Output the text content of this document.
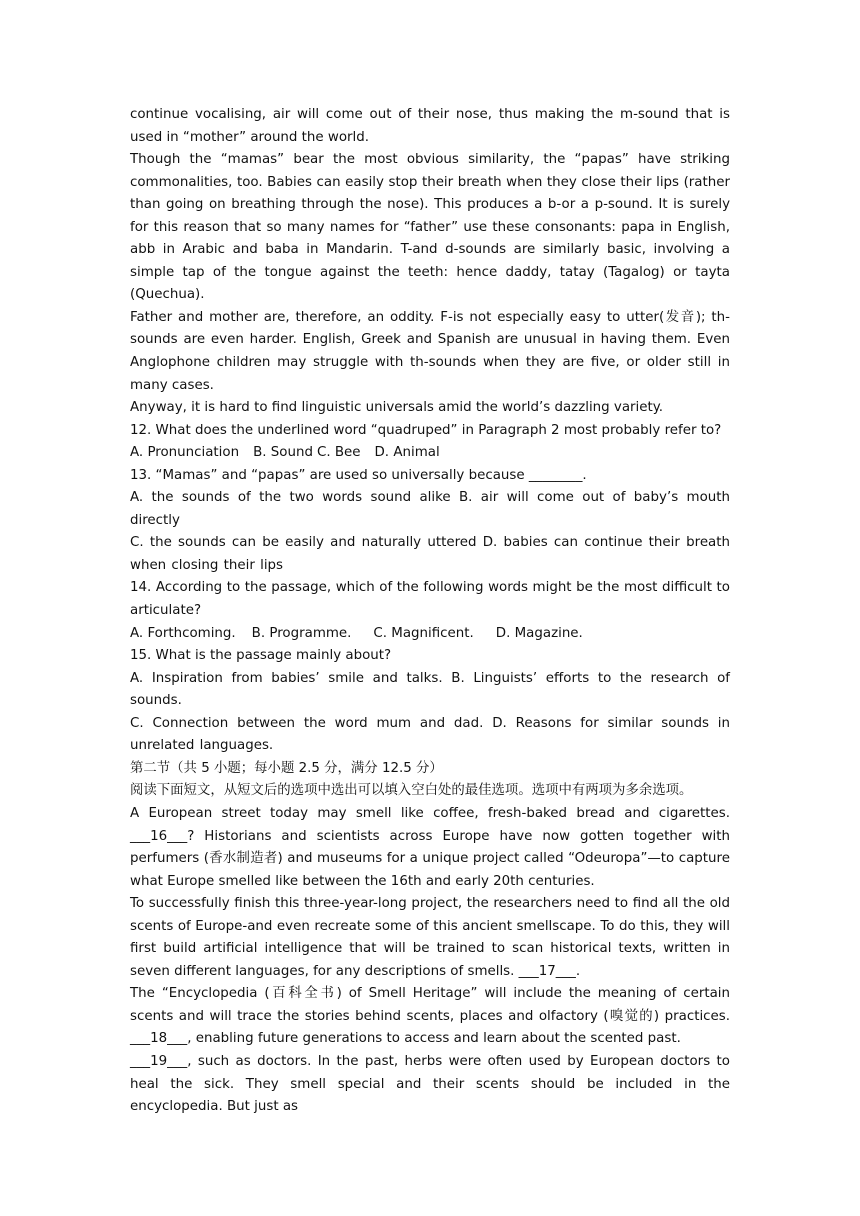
continue vocalising, air will come out of their nose, thus making the m-sound that is used in “mother” around the world.

Though the “mamas” bear the most obvious similarity, the “papas” have striking commonalities, too. Babies can easily stop their breath when they close their lips (rather than going on breathing through the nose). This produces a b-or a p-sound. It is surely for this reason that so many names for “father” use these consonants: papa in English, abb in Arabic and baba in Mandarin. T-and d-sounds are similarly basic, involving a simple tap of the tongue against the teeth: hence daddy, tatay (Tagalog) or tayta (Quechua).

Father and mother are, therefore, an oddity. F-is not especially easy to utter(发音); th-sounds are even harder. English, Greek and Spanish are unusual in having them. Even Anglophone children may struggle with th-sounds when they are five, or older still in many cases.

Anyway, it is hard to find linguistic universals amid the world’s dazzling variety.

12. What does the underlined word “quadruped” in Paragraph 2 most probably refer to?

A. Pronunciation B. Sound C. Bee D. Animal

13. “Mamas” and “papas” are used so universally because ________.

A. the sounds of the two words sound alike B. air will come out of baby’s mouth directly

C. the sounds can be easily and naturally uttered D. babies can continue their breath when closing their lips

14. According to the passage, which of the following words might be the most difficult to articulate?

A. Forthcoming. B. Programme. C. Magnificent. D. Magazine.

15. What is the passage mainly about?

A. Inspiration from babies’ smile and talks. B. Linguists’ efforts to the research of sounds.

C. Connection between the word mum and dad. D. Reasons for similar sounds in unrelated languages.

第二节（共 5 小题；每小题 2.5 分，满分 12.5 分）

阅读下面短文，从短文后的选项中选出可以填入空白处的最佳选项。选项中有两项为多余选项。

A European street today may smell like coffee, fresh-baked bread and cigarettes. ___16___? Historians and scientists across Europe have now gotten together with perfumers (香水制造者) and museums for a unique project called “Odeuropa”—to capture what Europe smelled like between the 16th and early 20th centuries.

To successfully finish this three-year-long project, the researchers need to find all the old scents of Europe-and even recreate some of this ancient smellscape. To do this, they will first build artificial intelligence that will be trained to scan historical texts, written in seven different languages, for any descriptions of smells. ___17___.

The “Encyclopedia (百科全书) of Smell Heritage” will include the meaning of certain scents and will trace the stories behind scents, places and olfactory (嗅觉的) practices. ___18___, enabling future generations to access and learn about the scented past.

___19___, such as doctors. In the past, herbs were often used by European doctors to heal the sick. They smell special and their scents should be included in the encyclopedia. But just as
